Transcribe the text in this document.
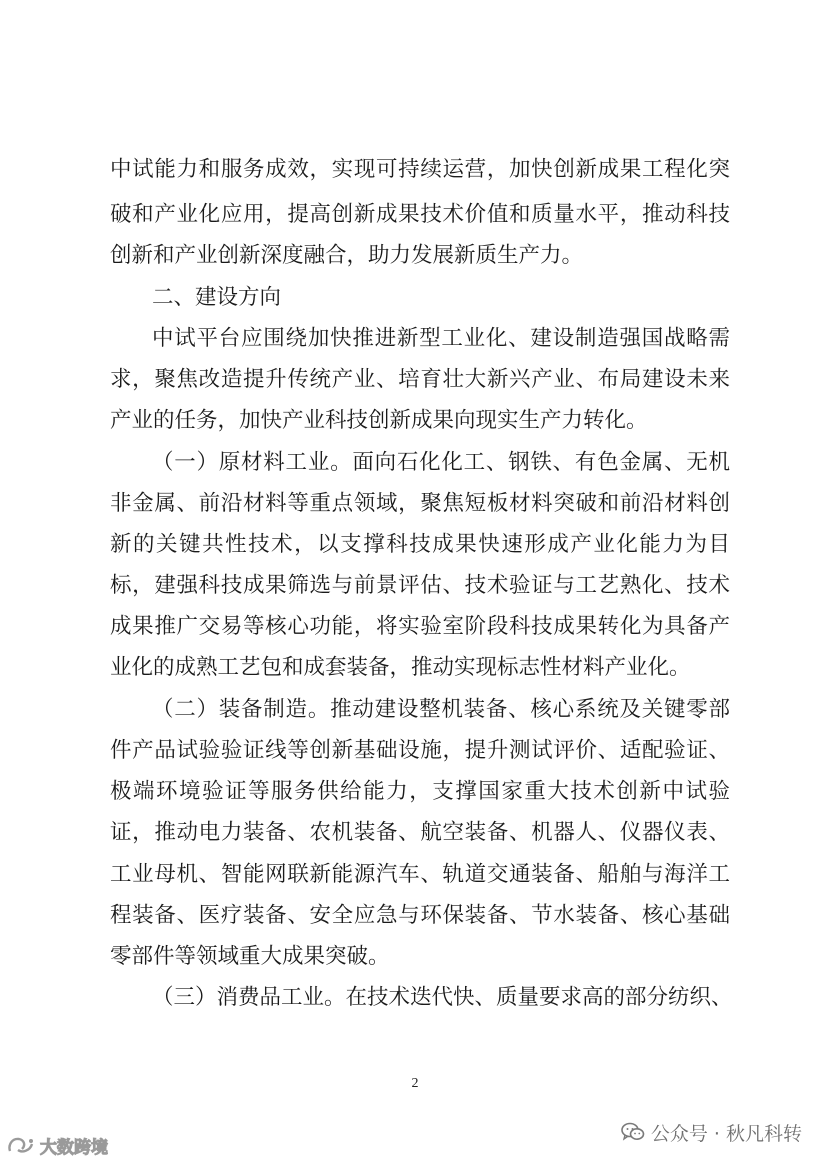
中试能力和服务成效，实现可持续运营，加快创新成果工程化突
破和产业化应用，提高创新成果技术价值和质量水平，推动科技
创新和产业创新深度融合，助力发展新质生产力。
二、建设方向
中试平台应围绕加快推进新型工业化、建设制造强国战略需
求，聚焦改造提升传统产业、培育壮大新兴产业、布局建设未来
产业的任务，加快产业科技创新成果向现实生产力转化。
（一）原材料工业。面向石化化工、钢铁、有色金属、无机
非金属、前沿材料等重点领域，聚焦短板材料突破和前沿材料创
新的关键共性技术，以支撑科技成果快速形成产业化能力为目
标，建强科技成果筛选与前景评估、技术验证与工艺熟化、技术
成果推广交易等核心功能，将实验室阶段科技成果转化为具备产
业化的成熟工艺包和成套装备，推动实现标志性材料产业化。
（二）装备制造。推动建设整机装备、核心系统及关键零部
件产品试验验证线等创新基础设施，提升测试评价、适配验证、
极端环境验证等服务供给能力，支撑国家重大技术创新中试验
证，推动电力装备、农机装备、航空装备、机器人、仪器仪表、
工业母机、智能网联新能源汽车、轨道交通装备、船舶与海洋工
程装备、医疗装备、安全应急与环保装备、节水装备、核心基础
零部件等领域重大成果突破。
（三）消费品工业。在技术迭代快、质量要求高的部分纺织、
2
大数跨境
公众号 · 秋凡科转
